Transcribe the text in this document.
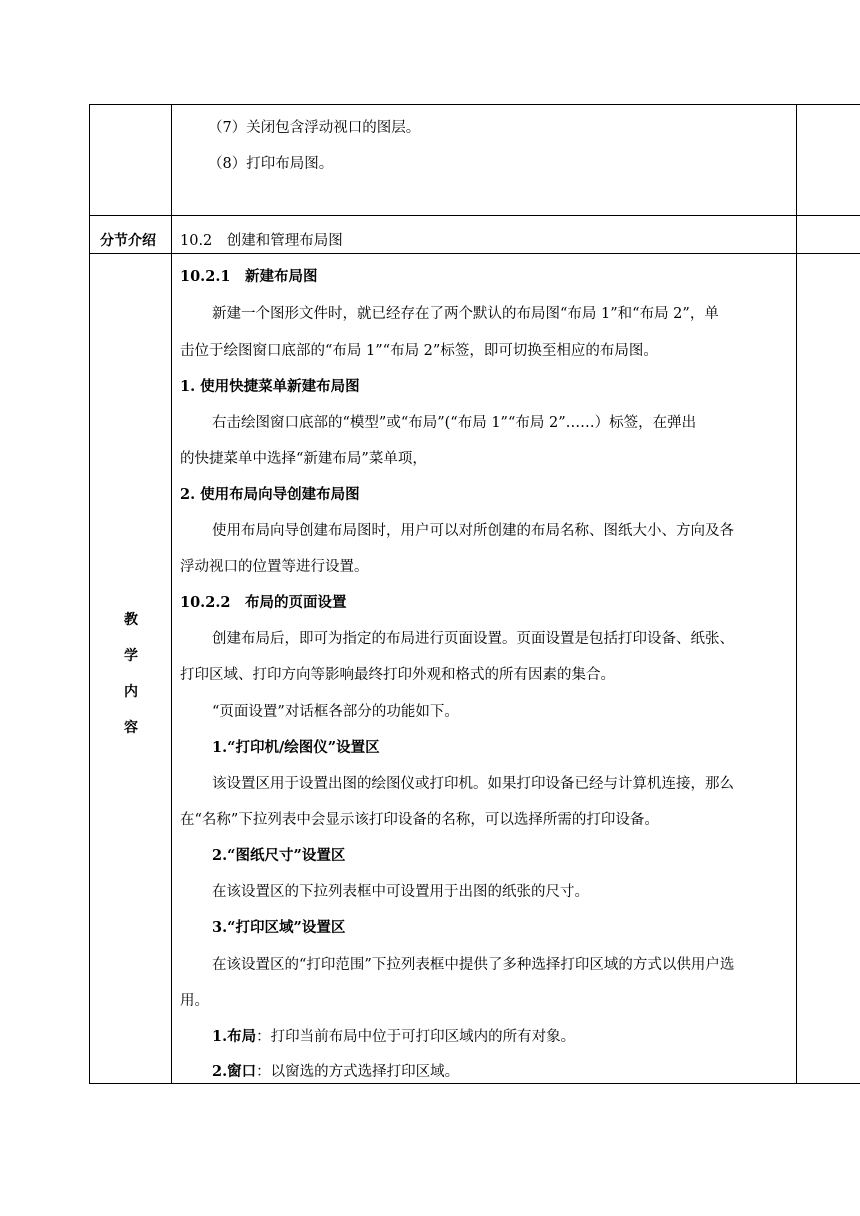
（7）关闭包含浮动视口的图层。
（8）打印布局图。
分节介绍 10.2　创建和管理布局图
教
学
内
容
10.2.1　新建布局图
新建一个图形文件时，就已经存在了两个默认的布局图“布局 1”和“布局 2”，单
击位于绘图窗口底部的“布局 1”“布局 2”标签，即可切换至相应的布局图。
1. 使用快捷菜单新建布局图
右击绘图窗口底部的“模型”或“布局”(“布局 1”“布局 2”……）标签，在弹出
的快捷菜单中选择“新建布局”菜单项，
2. 使用布局向导创建布局图
使用布局向导创建布局图时，用户可以对所创建的布局名称、图纸大小、方向及各
浮动视口的位置等进行设置。
10.2.2　布局的页面设置
创建布局后，即可为指定的布局进行页面设置。页面设置是包括打印设备、纸张、
打印区域、打印方向等影响最终打印外观和格式的所有因素的集合。
“页面设置”对话框各部分的功能如下。
1.“打印机/绘图仪”设置区
该设置区用于设置出图的绘图仪或打印机。如果打印设备已经与计算机连接，那么
在“名称”下拉列表中会显示该打印设备的名称，可以选择所需的打印设备。
2.“图纸尺寸”设置区
在该设置区的下拉列表框中可设置用于出图的纸张的尺寸。
3.“打印区域”设置区
在该设置区的“打印范围”下拉列表框中提供了多种选择打印区域的方式以供用户选
用。
1.布局：打印当前布局中位于可打印区域内的所有对象。
2.窗口：以窗选的方式选择打印区域。
